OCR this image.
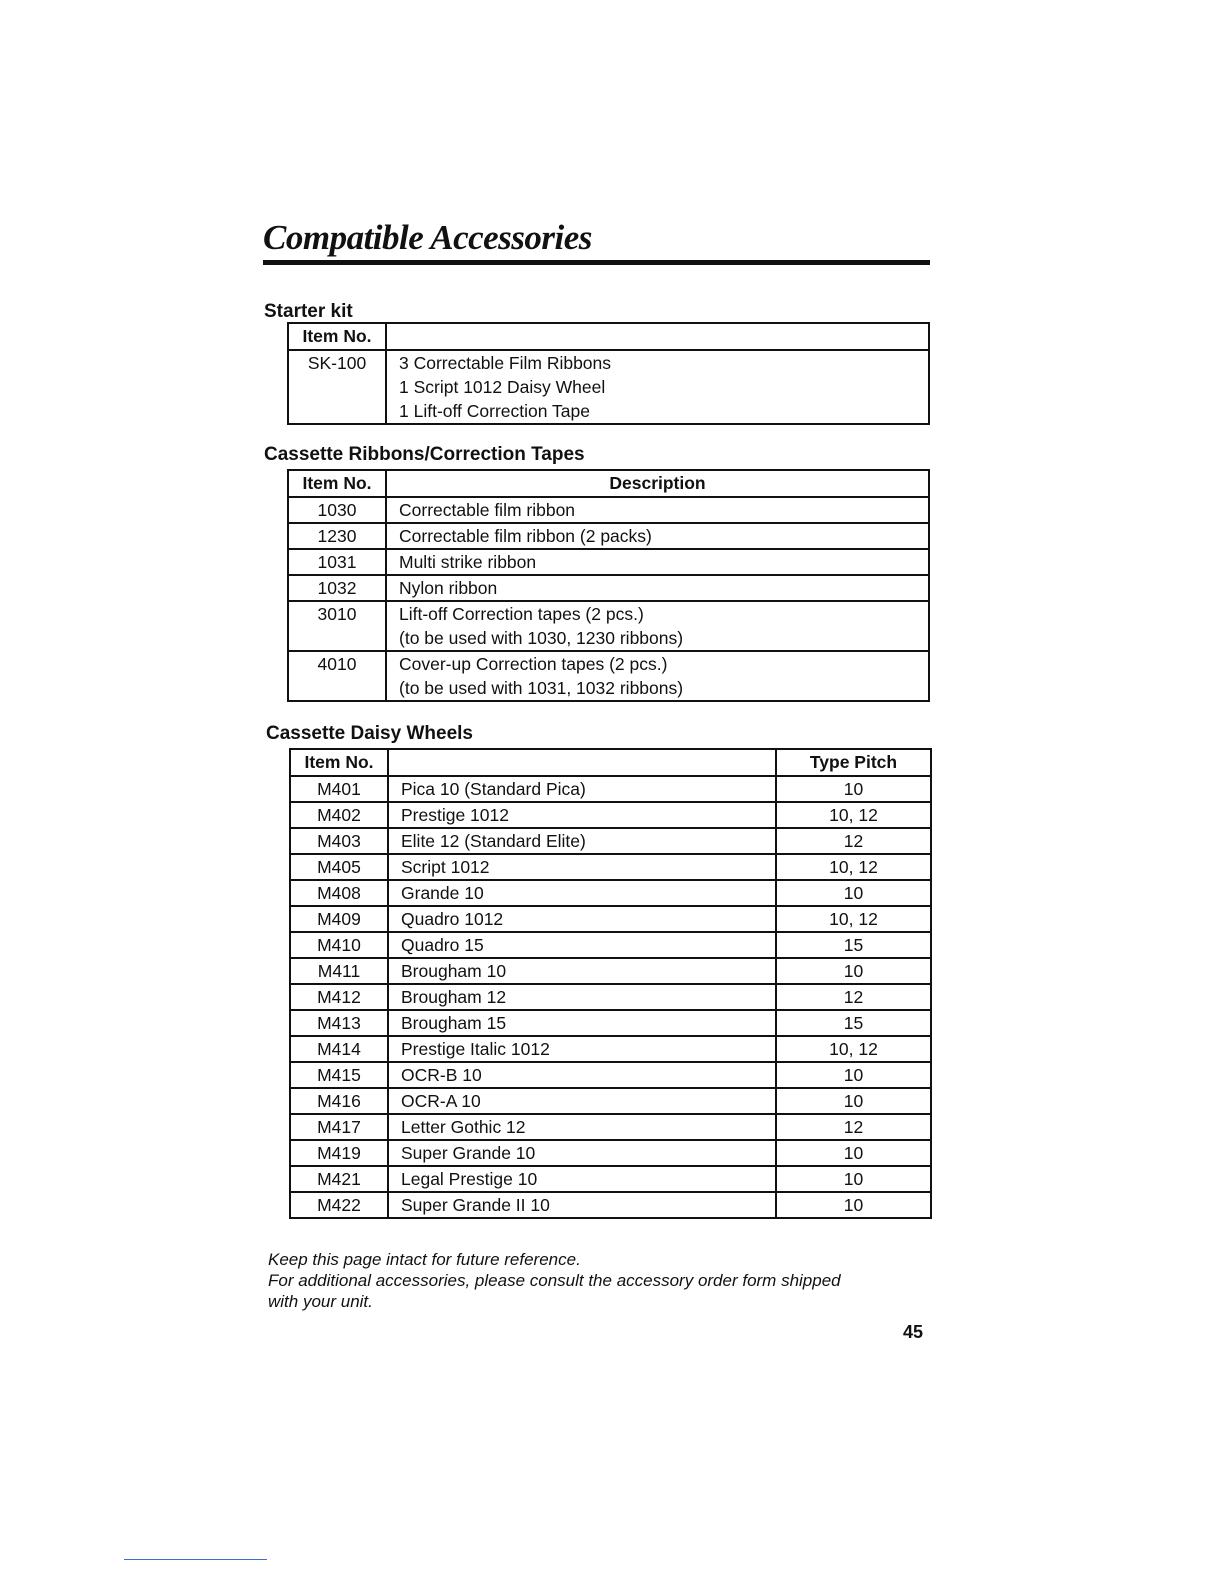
Compatible Accessories
Starter kit
Item No.	
SK-100	3 Correctable Film Ribbons
1 Script 1012 Daisy Wheel
1 Lift-off Correction Tape
Cassette Ribbons/Correction Tapes
Item No.	Description
1030	Correctable film ribbon

1230	Correctable film ribbon (2 packs)

1031	Multi strike ribbon

1032	Nylon ribbon

3010	Lift-off Correction tapes (2 pcs.)
(to be used with 1030, 1230 ribbons)

4010	Cover-up Correction tapes (2 pcs.)
(to be used with 1031, 1032 ribbons)
Cassette Daisy Wheels
Item No.		Type Pitch
M401	Pica 10 (Standard Pica)	10
M402	Prestige 1012	10, 12
M403	Elite 12 (Standard Elite)	12
M405	Script 1012	10, 12
M408	Grande 10	10
M409	Quadro 1012	10, 12
M410	Quadro 15	15
M411	Brougham 10	10
M412	Brougham 12	12
M413	Brougham 15	15
M414	Prestige Italic 1012	10, 12
M415	OCR-B 10	10
M416	OCR-A 10	10
M417	Letter Gothic 12	12
M419	Super Grande 10	10
M421	Legal Prestige 10	10
M422	Super Grande II 10	10

Keep this page intact for future reference.

For additional accessories, please consult the accessory order form shipped

with your unit.

45
